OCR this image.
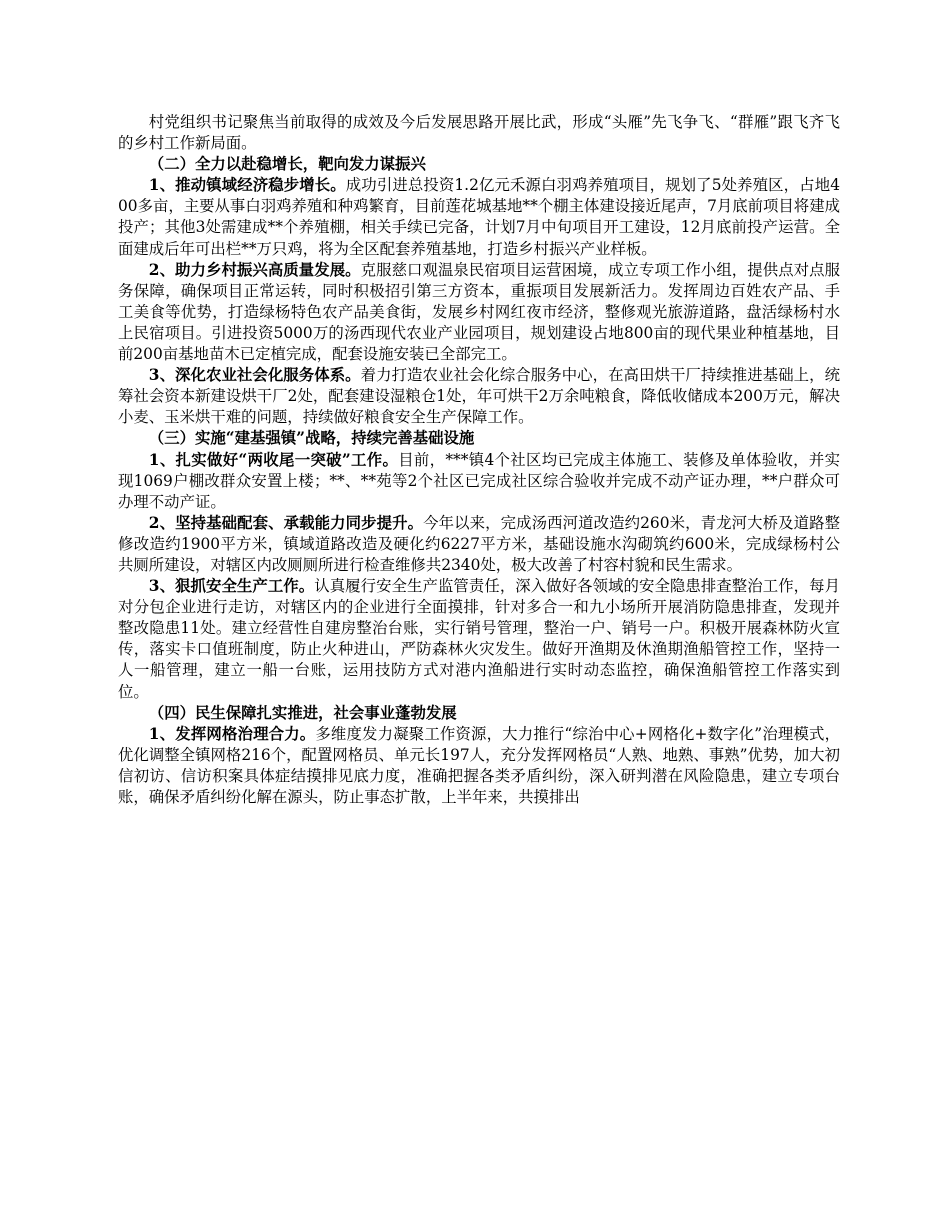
村党组织书记聚焦当前取得的成效及今后发展思路开展比武，形成“头雁”先飞争飞、“群雁”跟飞齐飞的乡村工作新局面。

（二）全力以赴稳增长，靶向发力谋振兴

1、推动镇域经济稳步增长。成功引进总投资1.2亿元禾源白羽鸡养殖项目，规划了5处养殖区，占地400多亩，主要从事白羽鸡养殖和种鸡繁育，目前莲花城基地**个棚主体建设接近尾声，7月底前项目将建成投产；其他3处需建成**个养殖棚，相关手续已完备，计划7月中旬项目开工建设，12月底前投产运营。全面建成后年可出栏**万只鸡，将为全区配套养殖基地，打造乡村振兴产业样板。

2、助力乡村振兴高质量发展。克服慈口观温泉民宿项目运营困境，成立专项工作小组，提供点对点服务保障，确保项目正常运转，同时积极招引第三方资本，重振项目发展新活力。发挥周边百姓农产品、手工美食等优势，打造绿杨特色农产品美食街，发展乡村网红夜市经济，整修观光旅游道路，盘活绿杨村水上民宿项目。引进投资5000万的汤西现代农业产业园项目，规划建设占地800亩的现代果业种植基地，目前200亩基地苗木已定植完成，配套设施安装已全部完工。

3、深化农业社会化服务体系。着力打造农业社会化综合服务中心，在高田烘干厂持续推进基础上，统筹社会资本新建设烘干厂2处，配套建设湿粮仓1处，年可烘干2万余吨粮食，降低收储成本200万元，解决小麦、玉米烘干难的问题，持续做好粮食安全生产保障工作。

（三）实施“建基强镇”战略，持续完善基础设施

1、扎实做好“两收尾一突破”工作。目前，***镇4个社区均已完成主体施工、装修及单体验收，并实现1069户棚改群众安置上楼；**、**苑等2个社区已完成社区综合验收并完成不动产证办理，**户群众可办理不动产证。

2、坚持基础配套、承载能力同步提升。今年以来，完成汤西河道改造约260米，青龙河大桥及道路整修改造约1900平方米，镇域道路改造及硬化约6227平方米，基础设施水沟砌筑约600米，完成绿杨村公共厕所建设，对辖区内改厕厕所进行检查维修共2340处，极大改善了村容村貌和民生需求。

3、狠抓安全生产工作。认真履行安全生产监管责任，深入做好各领域的安全隐患排查整治工作，每月对分包企业进行走访，对辖区内的企业进行全面摸排，针对多合一和九小场所开展消防隐患排查，发现并整改隐患11处。建立经营性自建房整治台账，实行销号管理，整治一户、销号一户。积极开展森林防火宣传，落实卡口值班制度，防止火种进山，严防森林火灾发生。做好开渔期及休渔期渔船管控工作，坚持一人一船管理，建立一船一台账，运用技防方式对港内渔船进行实时动态监控，确保渔船管控工作落实到位。

（四）民生保障扎实推进，社会事业蓬勃发展

1、发挥网格治理合力。多维度发力凝聚工作资源，大力推行“综治中心+网格化+数字化”治理模式，优化调整全镇网格216个，配置网格员、单元长197人，充分发挥网格员“人熟、地熟、事熟”优势，加大初信初访、信访积案具体症结摸排见底力度，准确把握各类矛盾纠纷，深入研判潜在风险隐患，建立专项台账，确保矛盾纠纷化解在源头，防止事态扩散，上半年来，共摸排出
